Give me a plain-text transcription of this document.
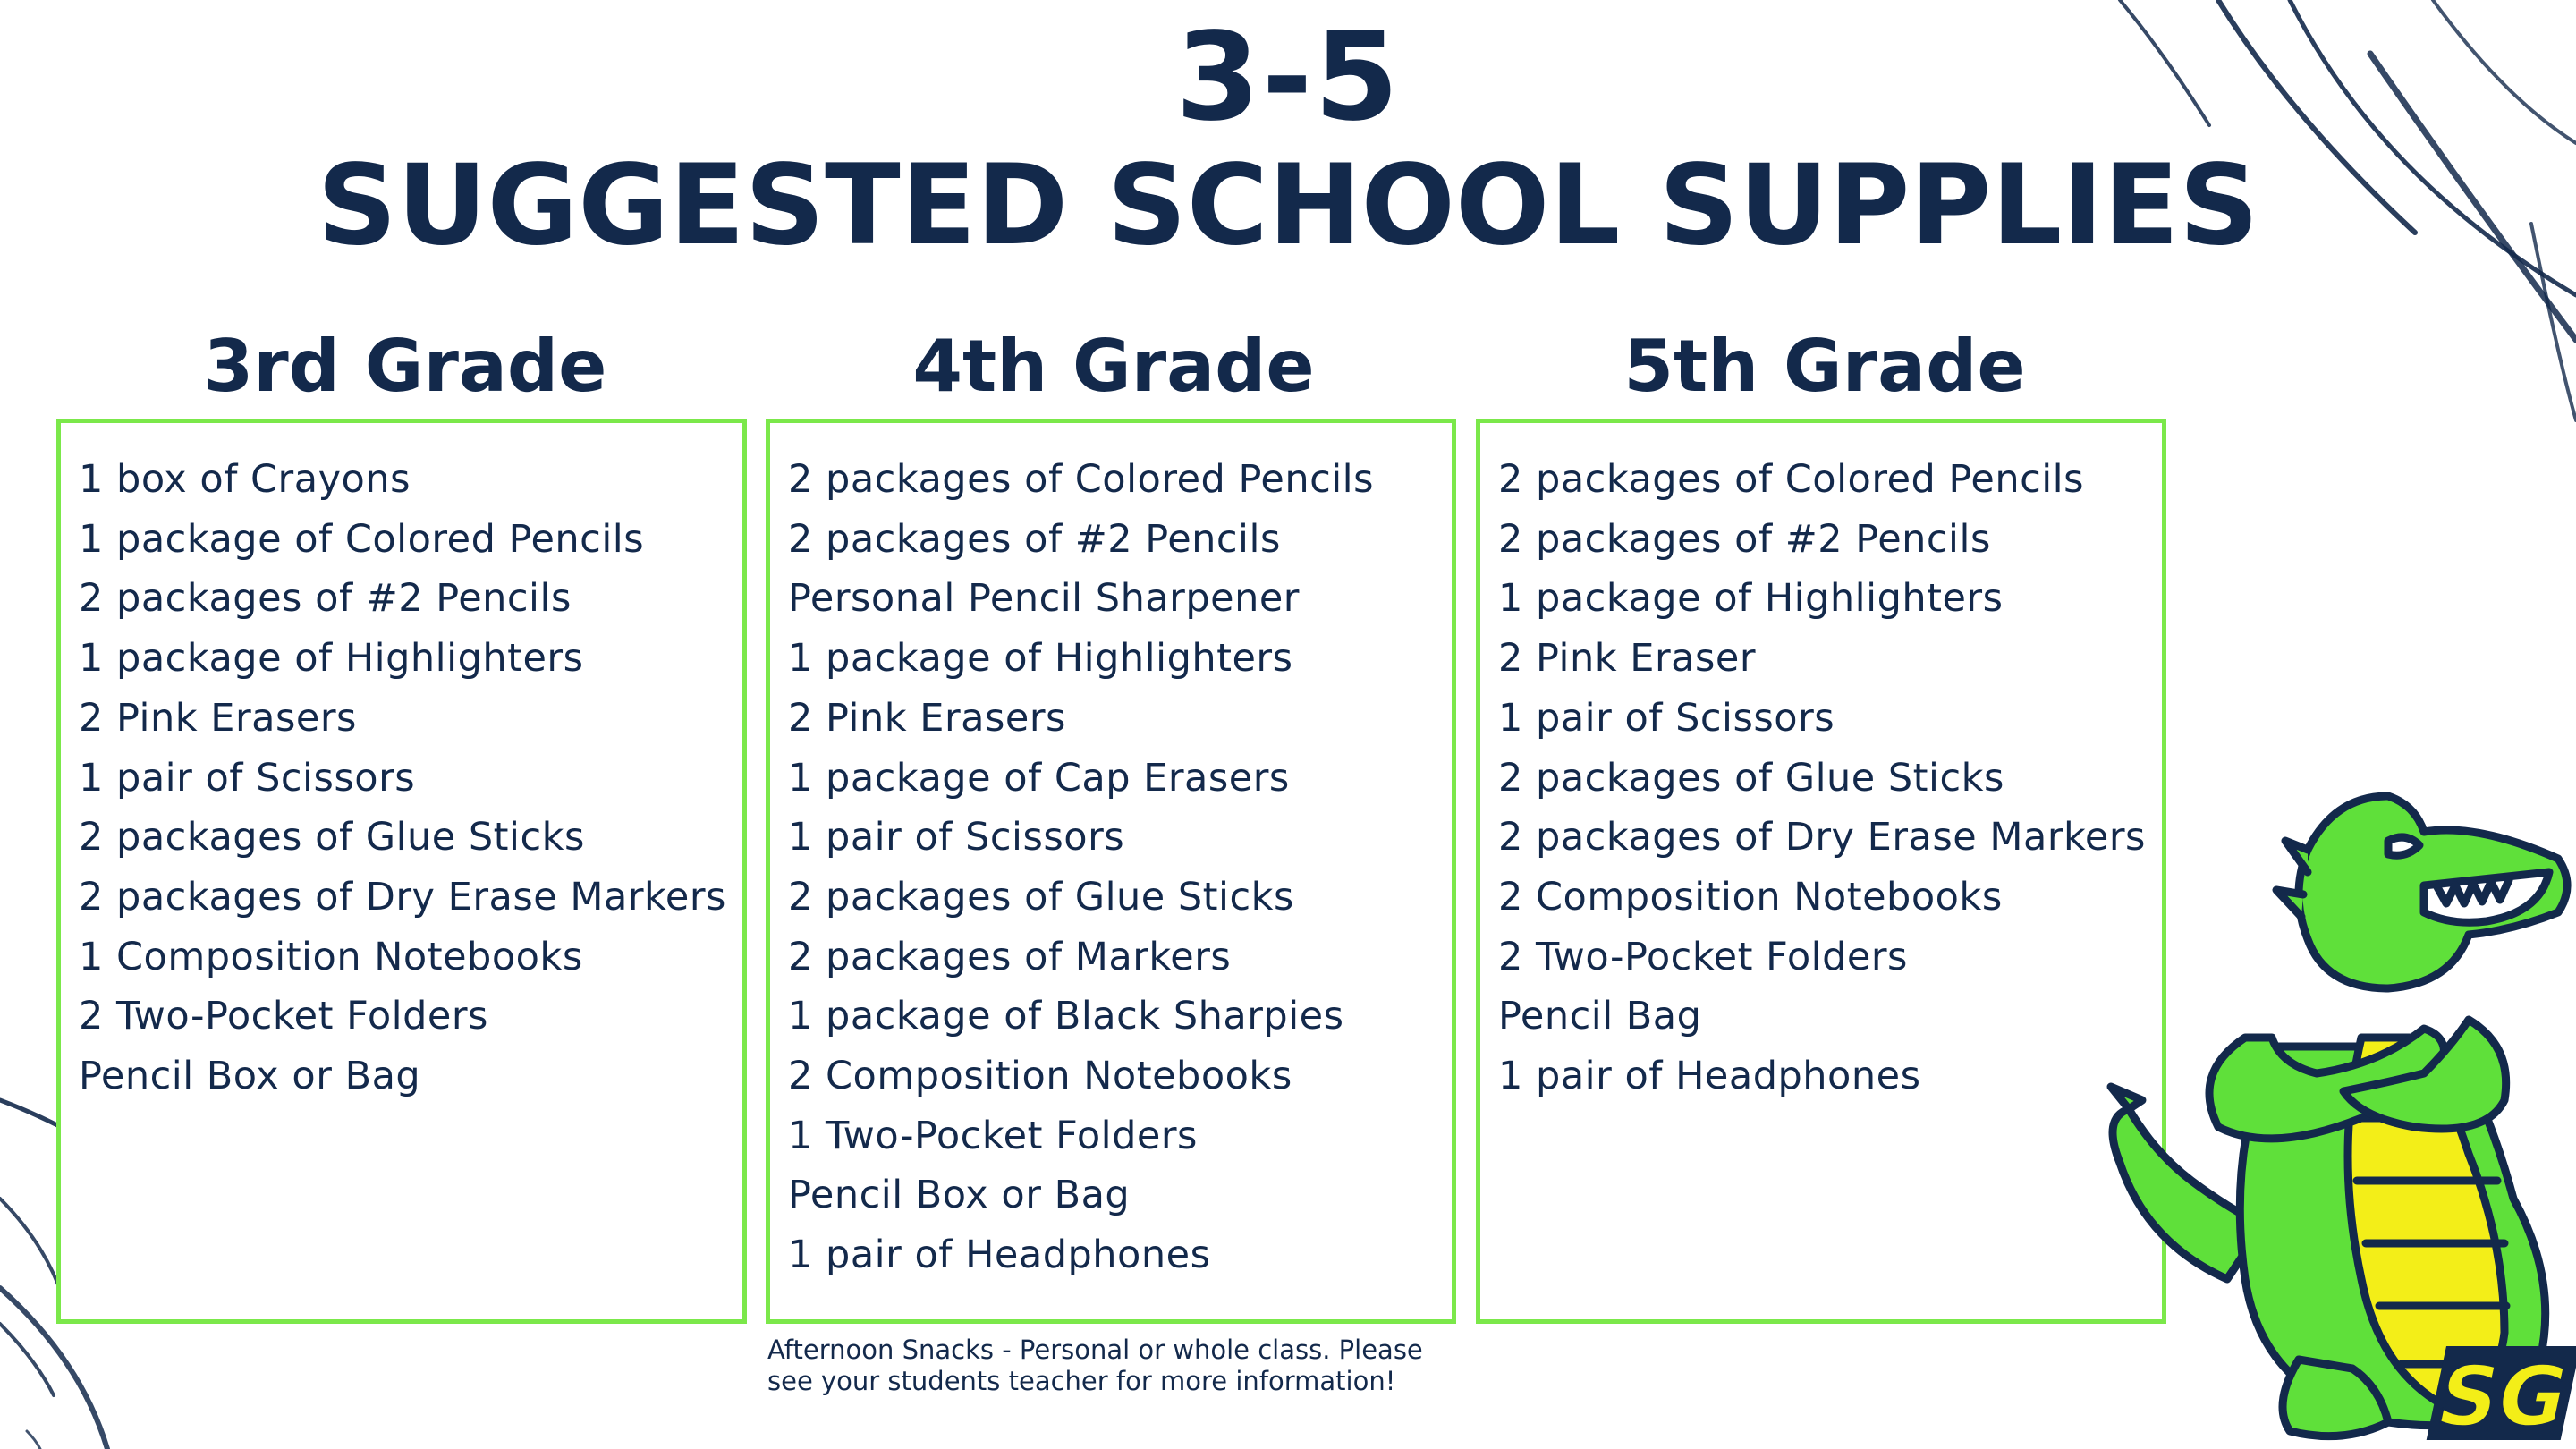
3-5
SUGGESTED SCHOOL SUPPLIES
3rd Grade	4th Grade	5th Grade
1 box of Crayons
1 package of Colored Pencils
2 packages of #2 Pencils
1 package of Highlighters
2 Pink Erasers
1 pair of Scissors
2 packages of Glue Sticks
2 packages of Dry Erase Markers
1 Composition Notebooks
2 Two-Pocket Folders
Pencil Box or Bag
2 packages of Colored Pencils
2 packages of #2 Pencils
Personal Pencil Sharpener
1 package of Highlighters
2 Pink Erasers
1 package of Cap Erasers
1 pair of Scissors
2 packages of Glue Sticks
2 packages of Markers
1 package of Black Sharpies
2 Composition Notebooks
1 Two-Pocket Folders
Pencil Box or Bag
1 pair of Headphones
2 packages of Colored Pencils
2 packages of #2 Pencils
1 package of Highlighters
2 Pink Eraser
1 pair of Scissors
2 packages of Glue Sticks
2 packages of Dry Erase Markers
2 Composition Notebooks
2 Two-Pocket Folders
Pencil Bag
1 pair of Headphones
Afternoon Snacks - Personal or whole class. Please
see your students teacher for more information!	SG
